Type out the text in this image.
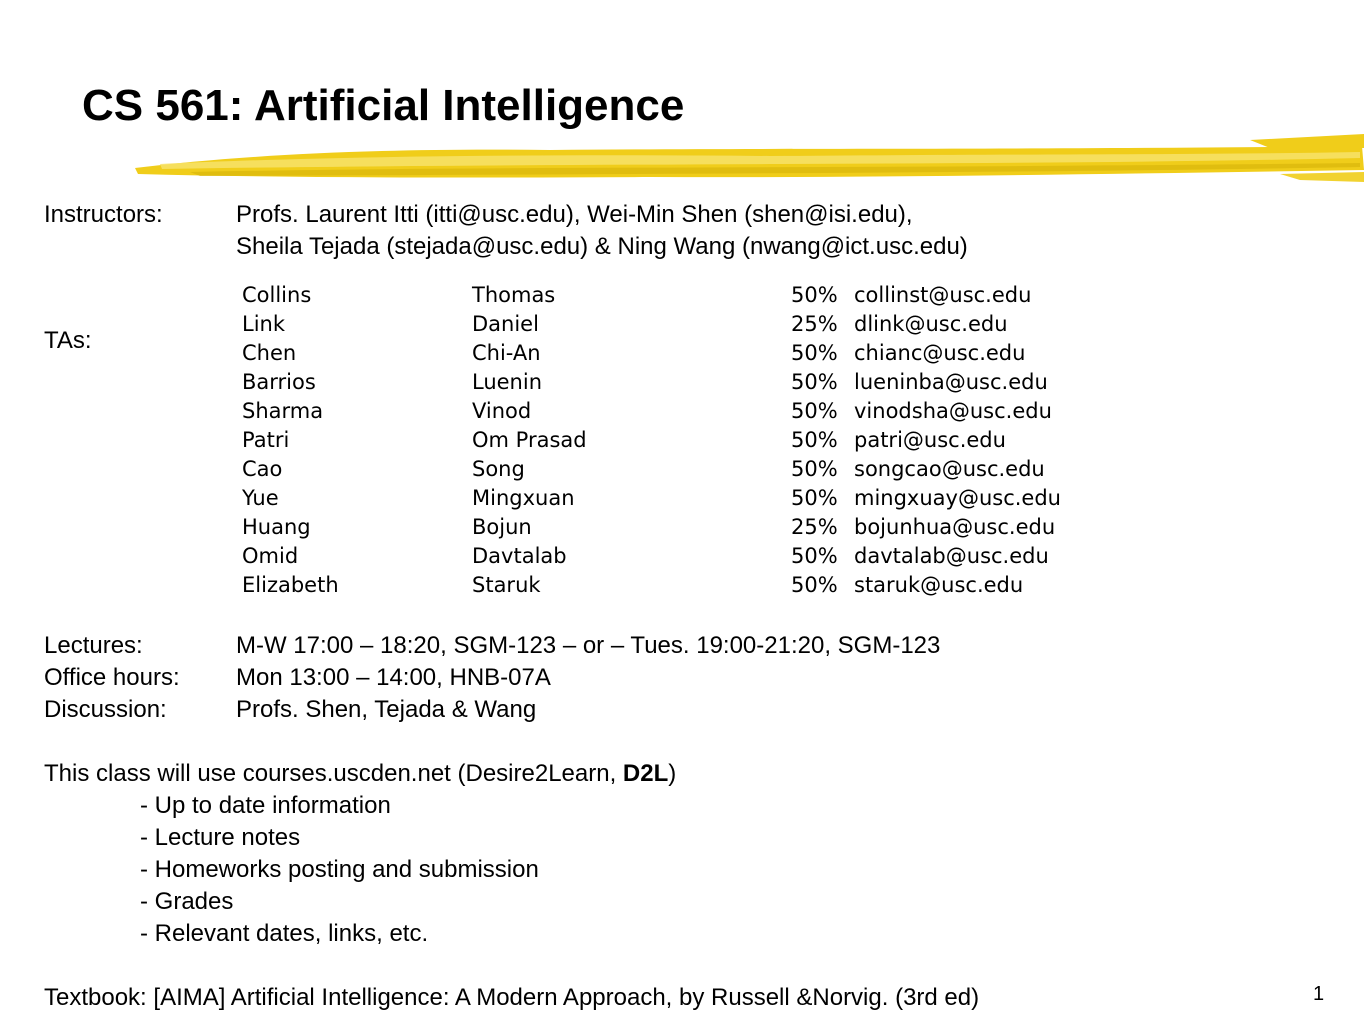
CS 561: Artificial Intelligence
Instructors:	Profs. Laurent Itti (itti@usc.edu), Wei-Min Shen (shen@isi.edu),
Sheila Tejada (stejada@usc.edu) & Ning Wang (nwang@ict.usc.edu)
TAs:
Collins	Thomas	50% collinst@usc.edu
Link	Daniel	25% dlink@usc.edu
Chen	Chi-An	50% chianc@usc.edu
Barrios	Luenin	50% lueninba@usc.edu
Sharma	Vinod	50% vinodsha@usc.edu
Patri	Om Prasad	50% patri@usc.edu
Cao	Song	50% songcao@usc.edu
Yue	Mingxuan	50% mingxuay@usc.edu
Huang	Bojun	25% bojunhua@usc.edu
Omid	Davtalab	50% davtalab@usc.edu
Elizabeth	Staruk	50% staruk@usc.edu
Lectures:	M-W 17:00 – 18:20, SGM-123 – or – Tues. 19:00-21:20, SGM-123
Office hours: Mon 13:00 – 14:00, HNB-07A
Discussion:	Profs. Shen, Tejada & Wang
This class will use courses.uscden.net (Desire2Learn, D2L)
- Up to date information
- Lecture notes
- Homeworks posting and submission
- Grades
- Relevant dates, links, etc.
Textbook: [AIMA] Artificial Intelligence: A Modern Approach, by Russell &Norvig. (3rd ed)	1
